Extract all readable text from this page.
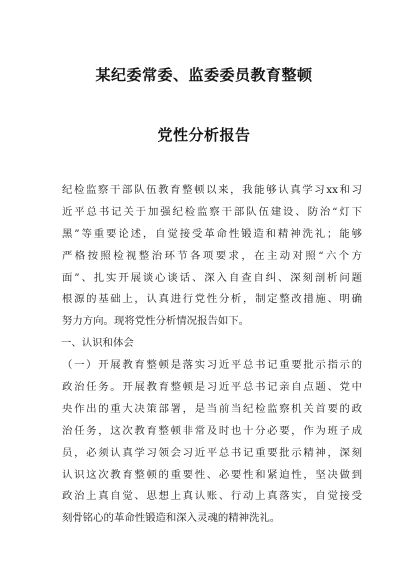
某纪委常委、监委委员教育整顿
党性分析报告
纪检监察干部队伍教育整顿以来，我能够认真学习xx和习
近平总书记关于加强纪检监察干部队伍建设、防治“灯下
黑”等重要论述，自觉接受革命性锻造和精神洗礼；能够
严格按照检视整治环节各项要求，在主动对照“六个方
面”、扎实开展谈心谈话、深入自查自纠、深刻剖析问题
根源的基础上，认真进行党性分析，制定整改措施、明确
努力方向。现将党性分析情况报告如下。
一、认识和体会
（一）开展教育整顿是落实习近平总书记重要批示指示的
政治任务。开展教育整顿是习近平总书记亲自点题、党中
央作出的重大决策部署，是当前当纪检监察机关首要的政
治任务，这次教育整顿非常及时也十分必要，作为班子成
员，必须认真学习领会习近平总书记重要批示精神，深刻
认识这次教育整顿的重要性、必要性和紧迫性，坚决做到
政治上真自觉、思想上真认账、行动上真落实，自觉接受
刻骨铭心的革命性锻造和深入灵魂的精神洗礼。
